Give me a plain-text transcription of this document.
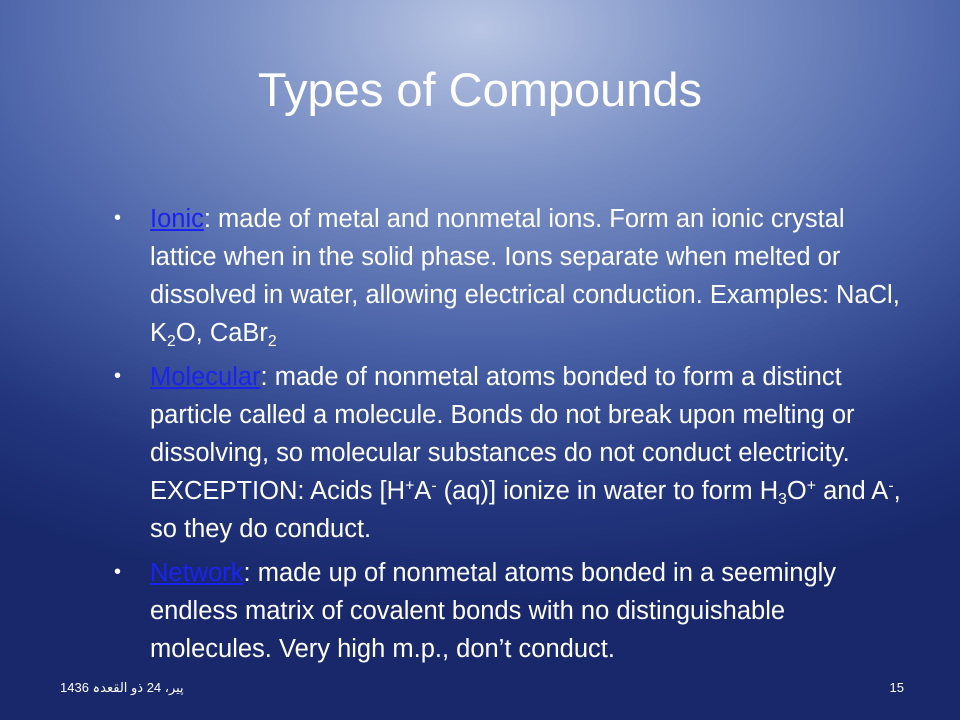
Types of Compounds
• Ionic: made of metal and nonmetal ions. Form an ionic crystal lattice when in the solid phase. Ions separate when melted or dissolved in water, allowing electrical conduction. Examples: NaCl, $K_2O$, CaBr$_2$
• Molecular: made of nonmetal atoms bonded to form a distinct particle called a molecule. Bonds do not break upon melting or dissolving, so molecular substances do not conduct electricity. EXCEPTION: Acids [H+A- (aq)] ionize in water to form $H_3O^+$ and A-, so they do conduct.
• Network: made up of nonmetal atoms bonded in a seemingly endless matrix of covalent bonds with no distinguishable molecules. Very high m.p., don’t conduct.
پير، 24 ذو القعدہ 1436	15
